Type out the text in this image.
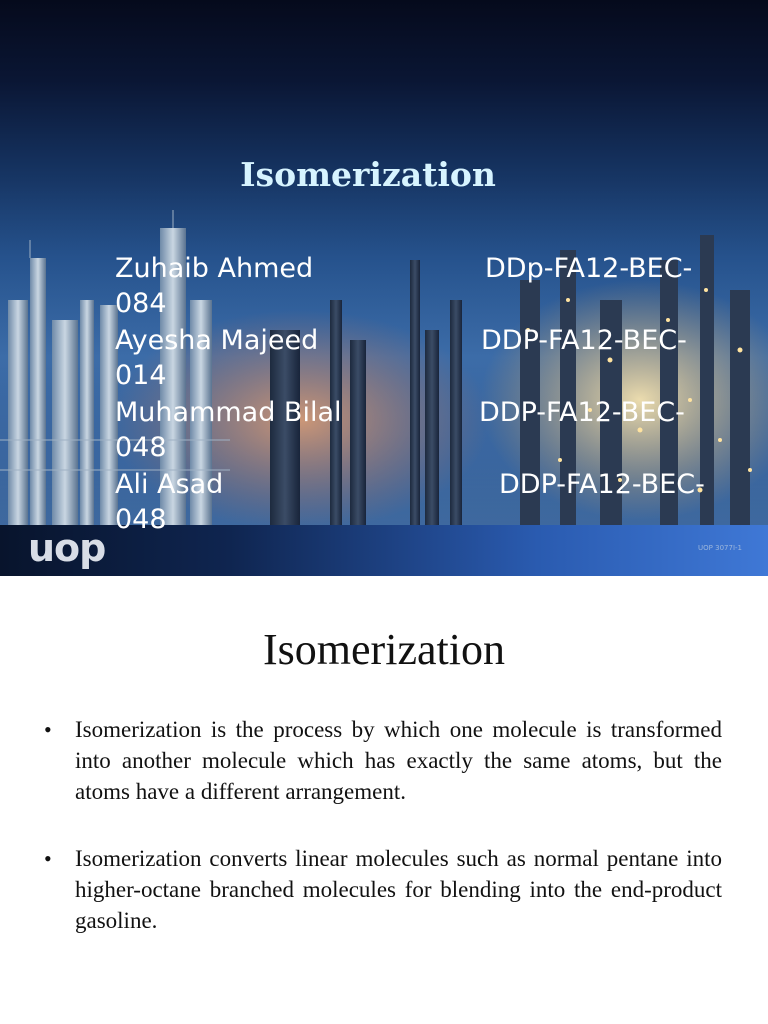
uop	UOP 3077I-1
Isomerization
Zuhaib Ahmed	DDp-FA12-BEC-
084
Ayesha Majeed	DDP-FA12-BEC-
014
Muhammad Bilal	DDP-FA12-BEC-
048
Ali Asad	DDP-FA12-BEC-
048
Isomerization
• Isomerization is the process by which one molecule is transformed into another molecule which has exactly the same atoms, but the atoms have a different arrangement.
• Isomerization converts linear molecules such as normal pentane into higher-octane branched molecules for blending into the end-product gasoline.
